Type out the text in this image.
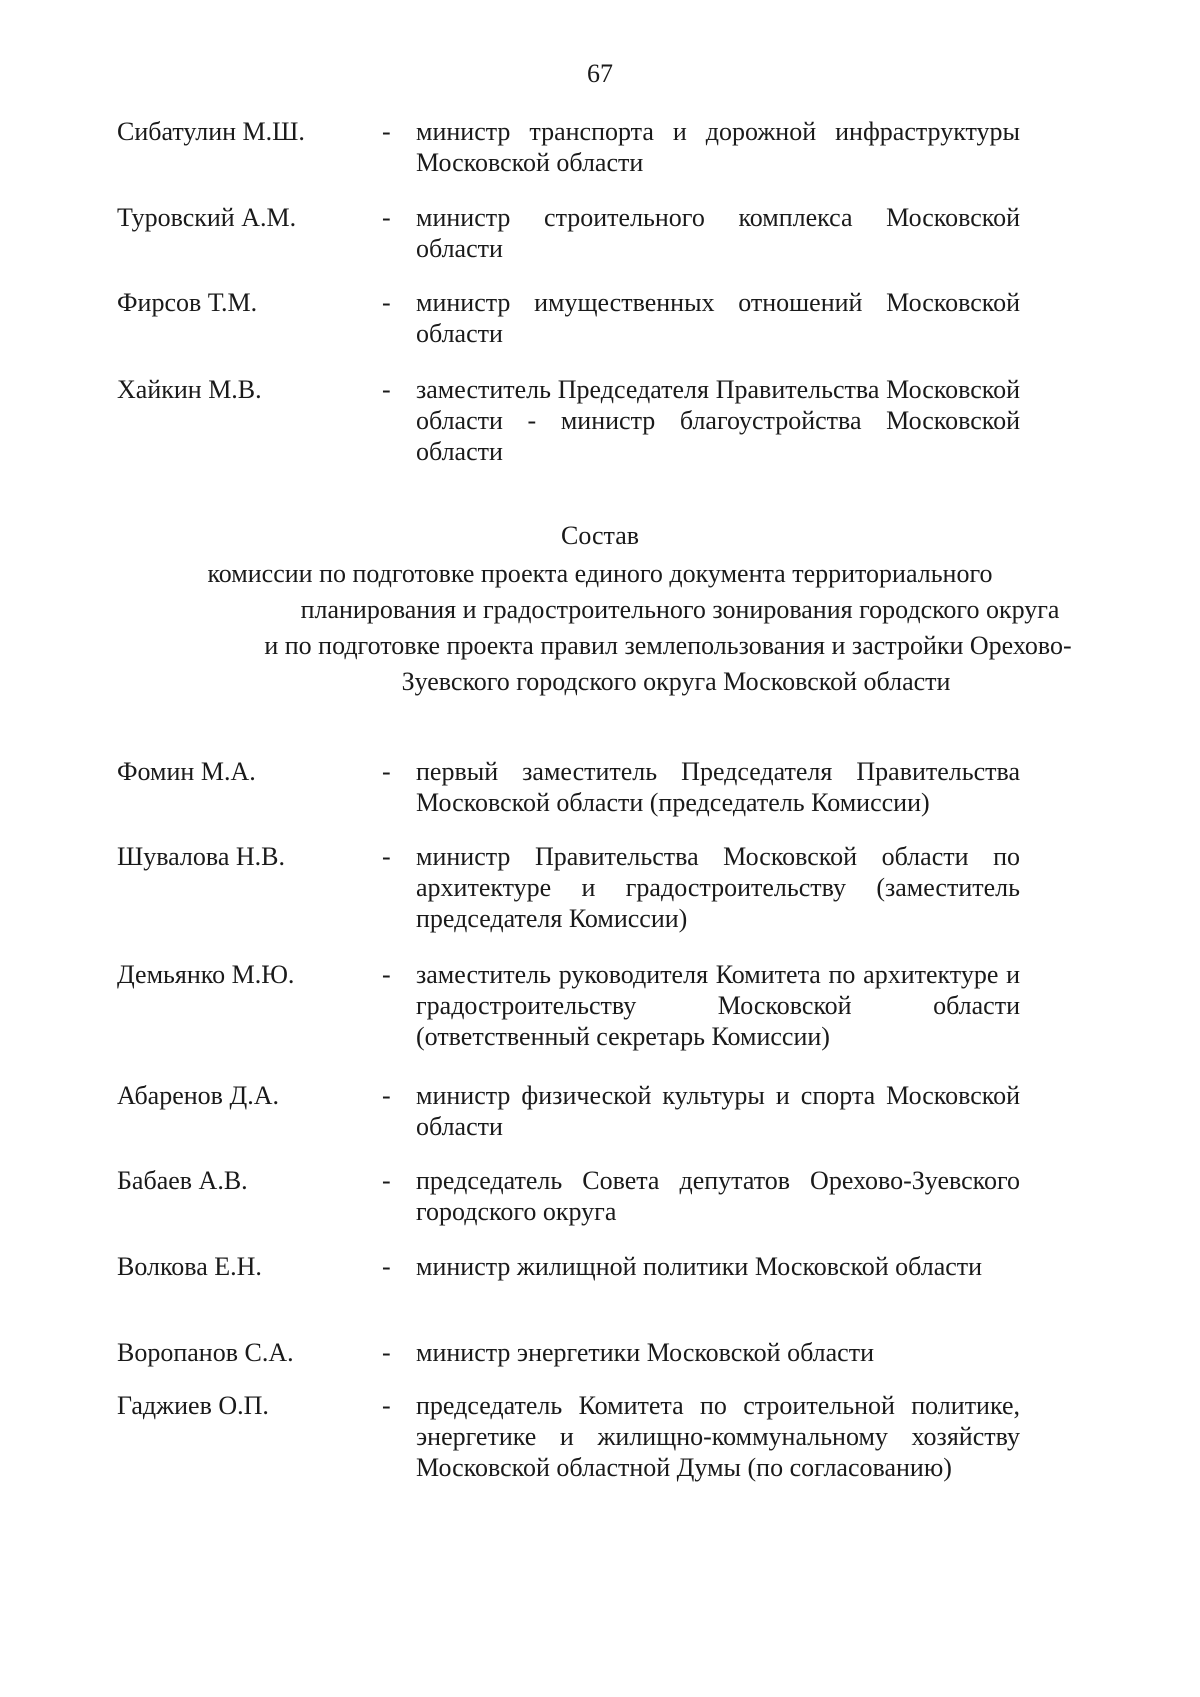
67
Сибатулин М.Ш.	- министр транспорта и дорожной инфраструктуры Московской области
Туровский А.М.	- министр строительного комплекса Московской области
Фирсов Т.М.	- министр имущественных отношений Московской области
Хайкин М.В.	- заместитель Председателя Правительства Московской области - министр благоустройства Московской области
Состав
комиссии по подготовке проекта единого документа территориального
планирования и градостроительного зонирования городского округа
и по подготовке проекта правил землепользования и застройки Орехово-
Зуевского городского округа Московской области
Фомин М.А.	- первый заместитель Председателя Правительства Московской области (председатель Комиссии)
Шувалова Н.В.	- министр Правительства Московской области по архитектуре и градостроительству (заместитель председателя Комиссии)
Демьянко М.Ю.	- заместитель руководителя Комитета по архитектуре и градостроительству Московской области (ответственный секретарь Комиссии)
Абаренов Д.А.	- министр физической культуры и спорта Московской области
Бабаев А.В.	- председатель Совета депутатов Орехово-Зуевского городского округа
Волкова Е.Н.	- министр жилищной политики Московской области
Воропанов С.А.	- министр энергетики Московской области
Гаджиев О.П.	- председатель Комитета по строительной политике, энергетике и жилищно-коммунальному хозяйству Московской областной Думы (по согласованию)
